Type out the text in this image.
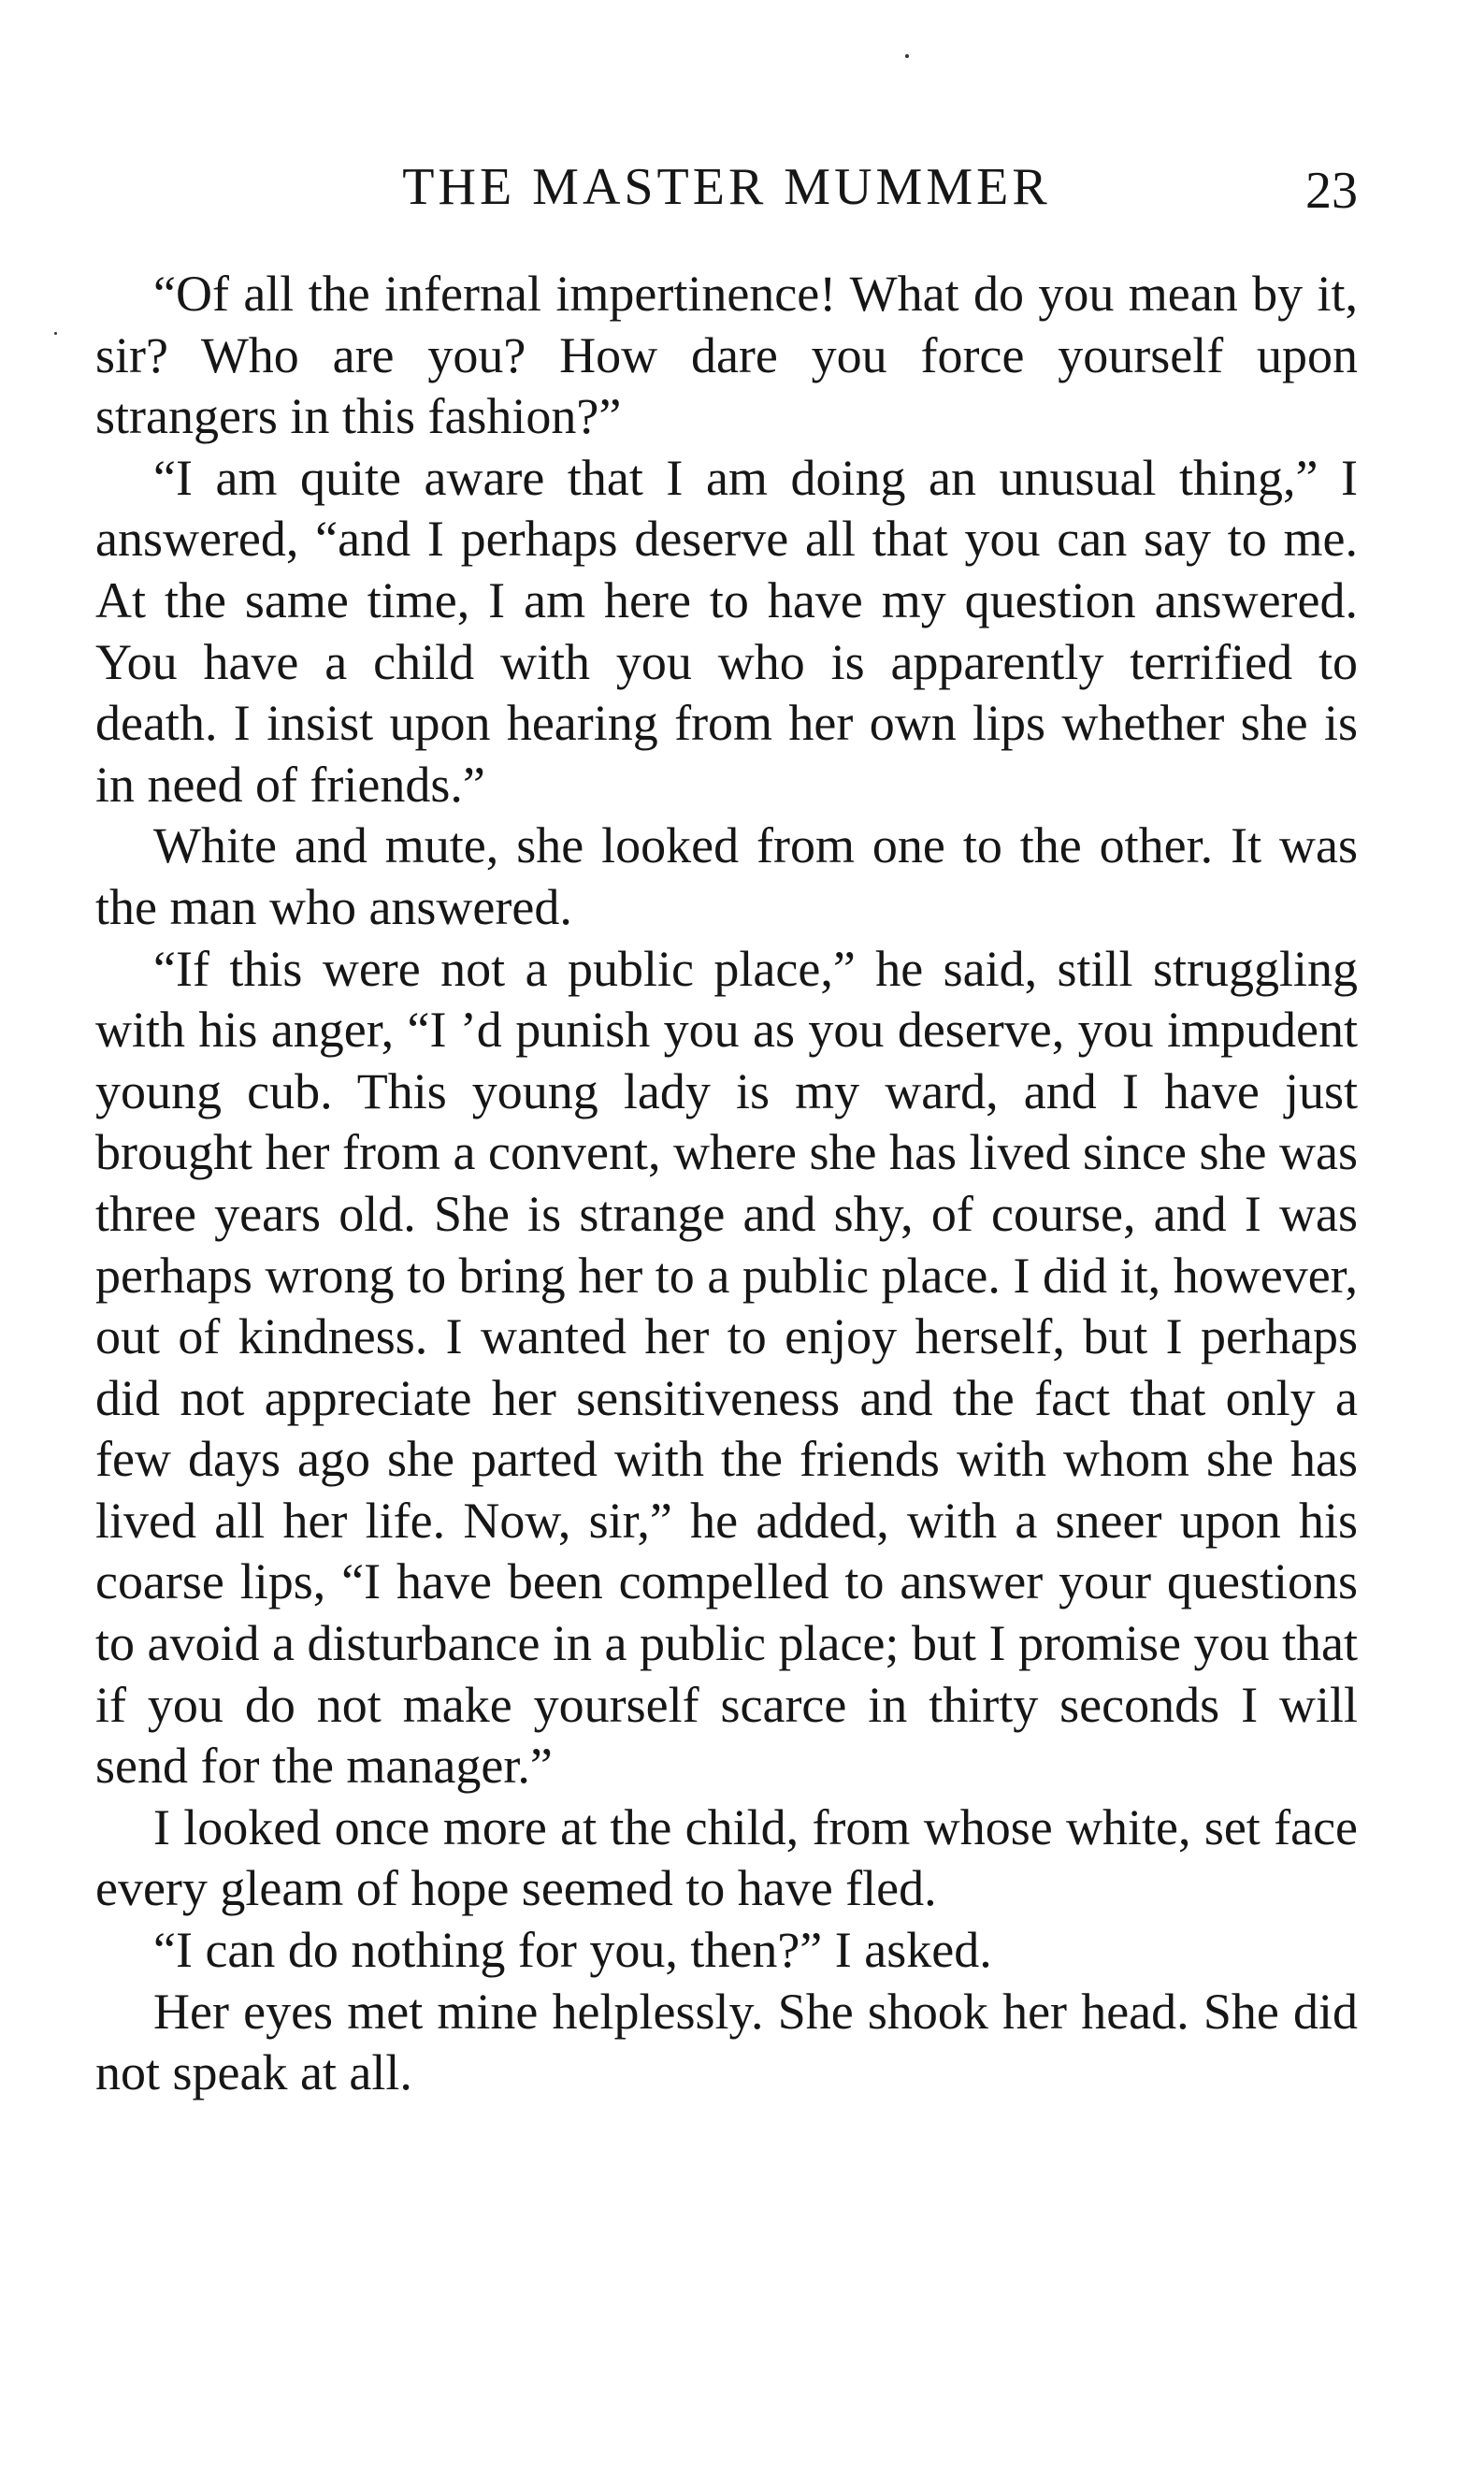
THE MASTER MUMMER	23

“Of all the infernal impertinence! What do you mean by it, sir? Who are you? How dare you force yourself upon strangers in this fashion?”

“I am quite aware that I am doing an unusual thing,” I answered, “and I perhaps deserve all that you can say to me. At the same time, I am here to have my question answered. You have a child with you who is apparently terrified to death. I insist upon hearing from her own lips whether she is in need of friends.”

White and mute, she looked from one to the other. It was the man who answered.

“If this were not a public place,” he said, still struggling with his anger, “I ’d punish you as you deserve, you impudent young cub. This young lady is my ward, and I have just brought her from a convent, where she has lived since she was three years old. She is strange and shy, of course, and I was perhaps wrong to bring her to a public place. I did it, however, out of kindness. I wanted her to enjoy herself, but I perhaps did not appreciate her sensitiveness and the fact that only a few days ago she parted with the friends with whom she has lived all her life. Now, sir,” he added, with a sneer upon his coarse lips, “I have been compelled to answer your questions to avoid a disturbance in a public place; but I promise you that if you do not make yourself scarce in thirty seconds I will send for the manager.”

I looked once more at the child, from whose white, set face every gleam of hope seemed to have fled.

“I can do nothing for you, then?” I asked.

Her eyes met mine helplessly. She shook her head. She did not speak at all.
